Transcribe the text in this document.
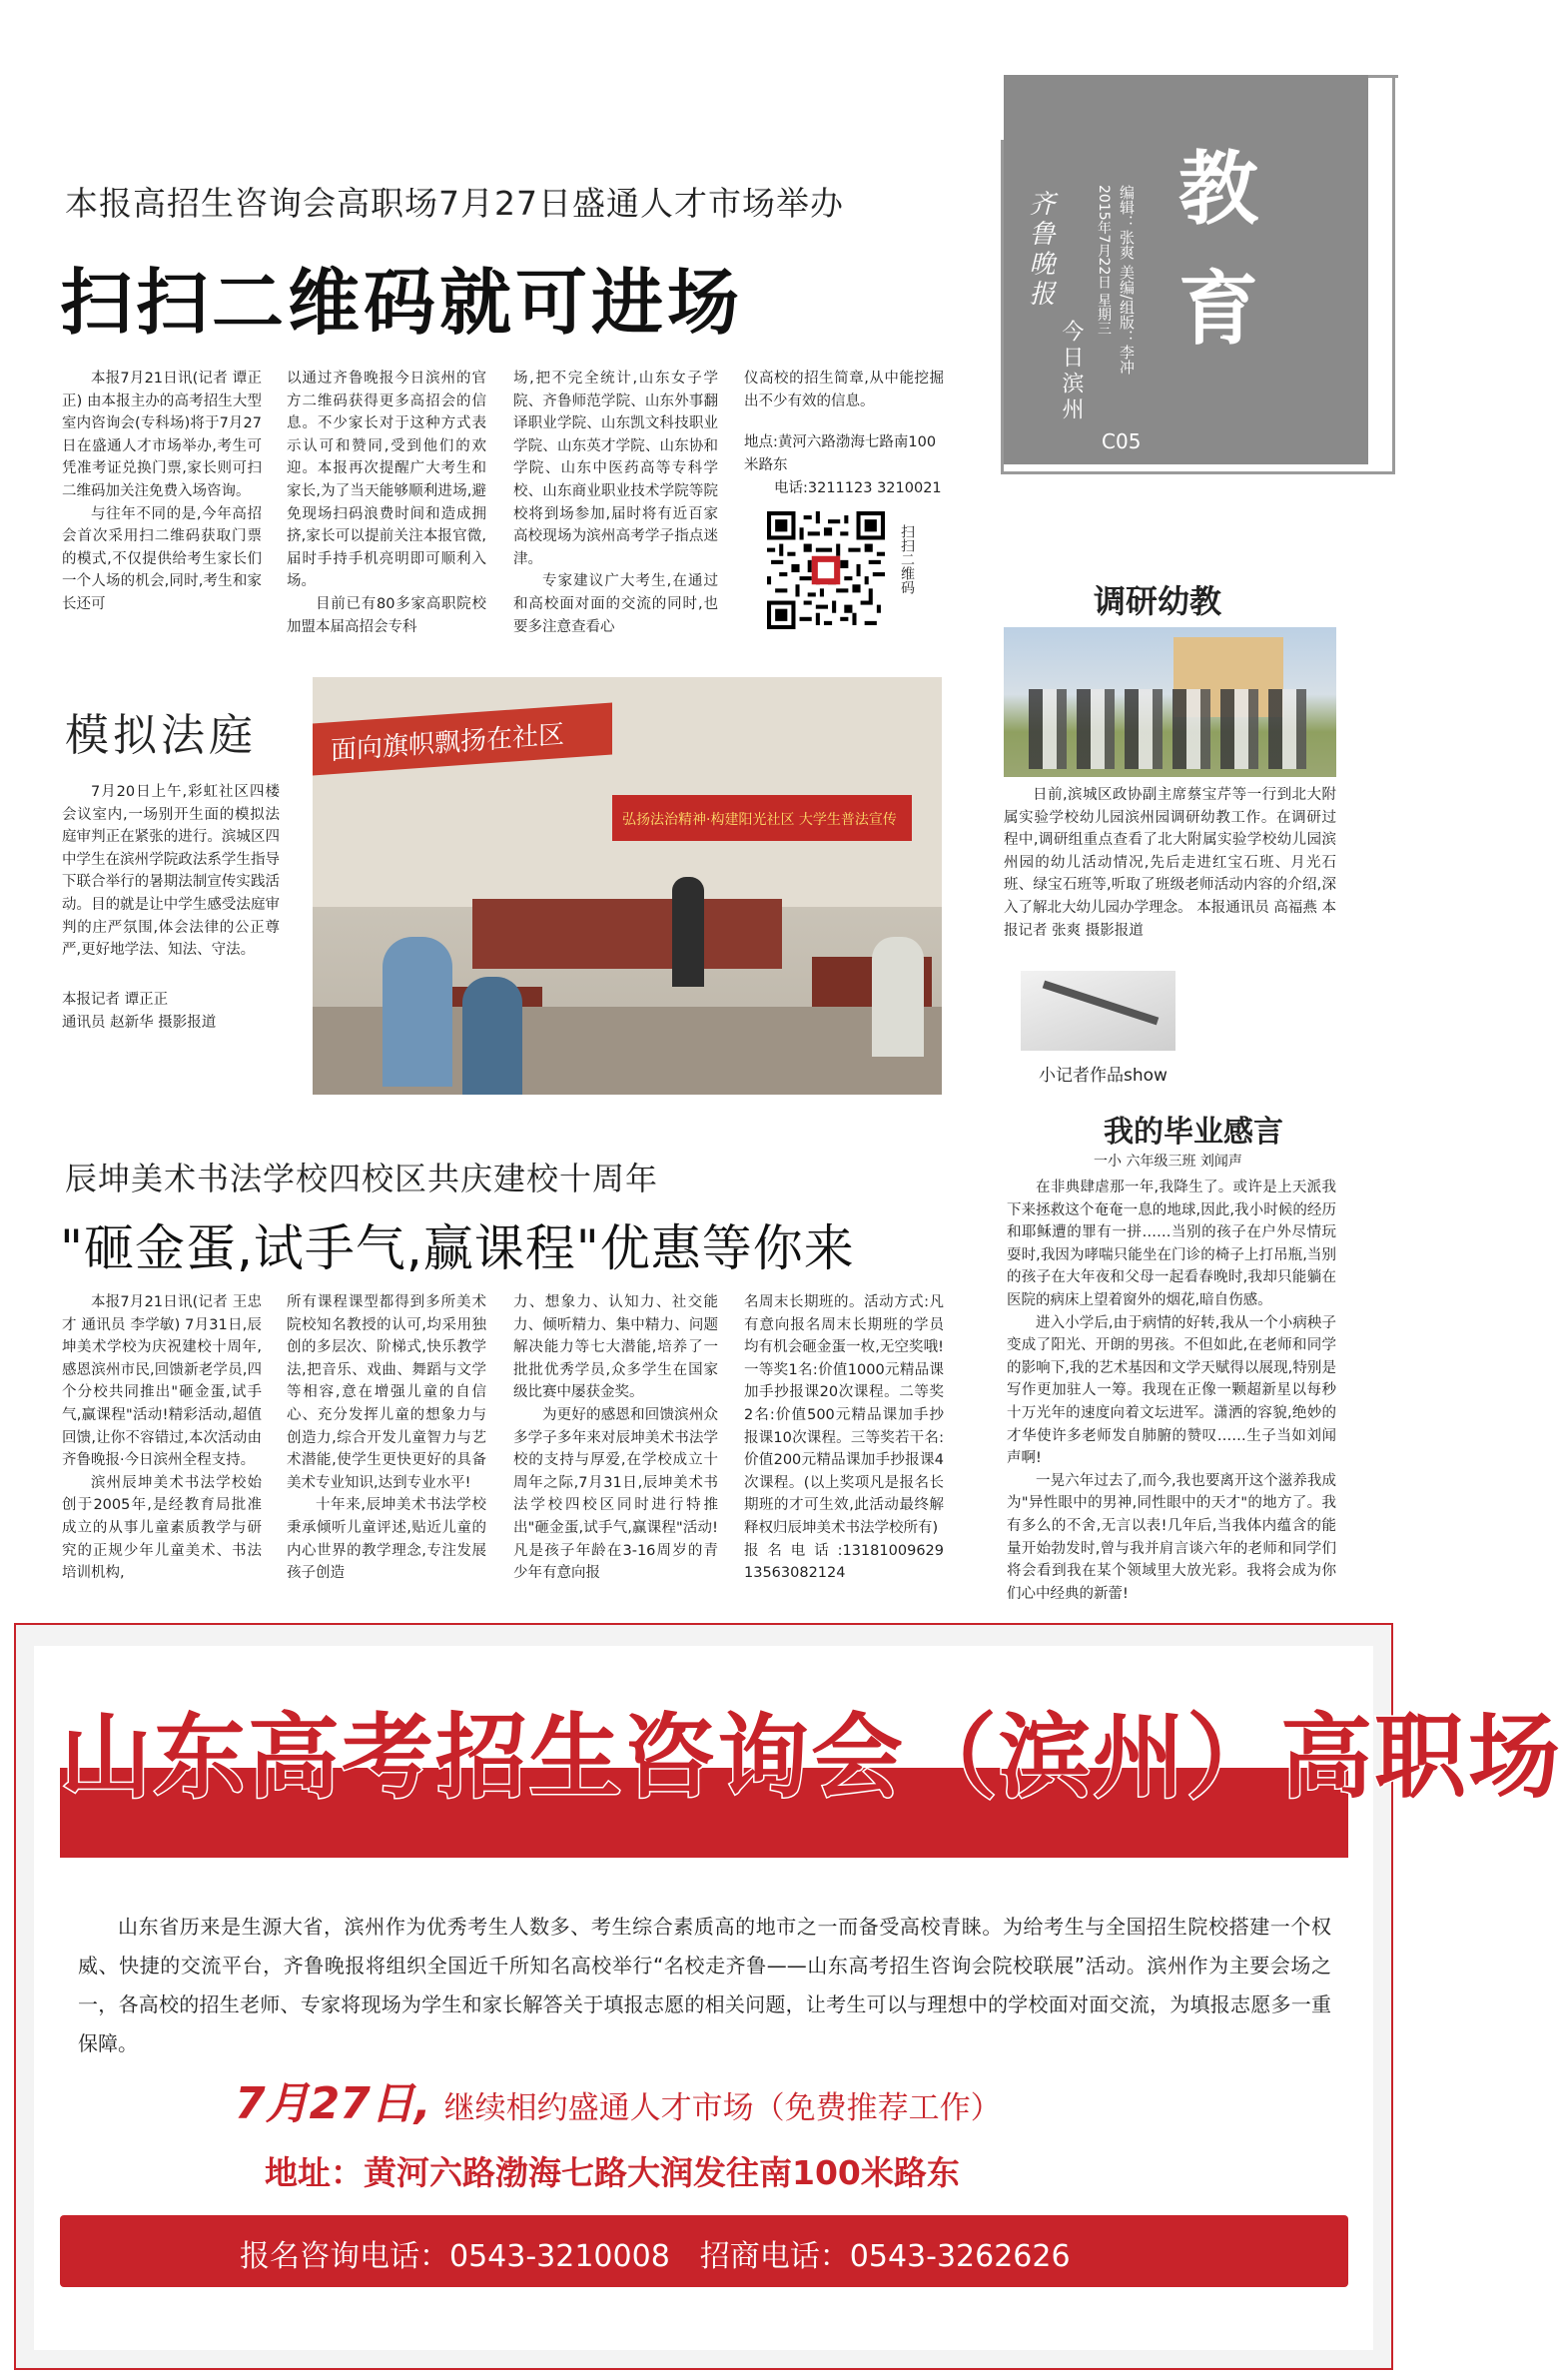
教
育
齐鲁晚报
今日滨州 编辑：张爽 美编/组版：李冲
2015年7月22日 星期三
C05
本报高招生咨询会高职场7月27日盛通人才市场举办
扫扫二维码就可进场

本报7月21日讯(记者 谭正正) 由本报主办的高考招生大型室内咨询会(专科场)将于7月27日在盛通人才市场举办,考生可凭准考证兑换门票,家长则可扫二维码加关注免费入场咨询。

与往年不同的是,今年高招会首次采用扫二维码获取门票的模式,不仅提供给考生家长们一个人场的机会,同时,考生和家长还可

以通过齐鲁晚报今日滨州的官方二维码获得更多高招会的信息。不少家长对于这种方式表示认可和赞同,受到他们的欢迎。本报再次提醒广大考生和家长,为了当天能够顺利进场,避免现场扫码浪费时间和造成拥挤,家长可以提前关注本报官微,届时手持手机亮明即可顺利入场。

目前已有80多家高职院校加盟本届高招会专科

场,把不完全统计,山东女子学院、齐鲁师范学院、山东外事翻译职业学院、山东凯文科技职业学院、山东英才学院、山东协和学院、山东中医药高等专科学校、山东商业职业技术学院等院校将到场参加,届时将有近百家高校现场为滨州高考学子指点迷津。

专家建议广大考生,在通过和高校面对面的交流的同时,也要多注意查看心

仪高校的招生简章,从中能挖掘出不少有效的信息。

地点:黄河六路渤海七路南100米路东
电话:3211123 3210021
扫扫二维码
模拟法庭

7月20日上午,彩虹社区四楼会议室内,一场别开生面的模拟法庭审判正在紧张的进行。滨城区四中学生在滨州学院政法系学生指导下联合举行的暑期法制宣传实践活动。目的就是让中学生感受法庭审判的庄严氛围,体会法律的公正尊严,更好地学法、知法、守法。

本报记者 谭正正
通讯员 赵新华 摄影报道
面向旗帜飘扬在社区
弘扬法治精神·构建阳光社区 大学生普法宣传
调研幼教

日前,滨城区政协副主席蔡宝芹等一行到北大附属实验学校幼儿园滨州园调研幼教工作。在调研过程中,调研组重点查看了北大附属实验学校幼儿园滨州园的幼儿活动情况,先后走进红宝石班、月光石班、绿宝石班等,听取了班级老师活动内容的介绍,深入了解北大幼儿园办学理念。 本报通讯员 高福燕 本报记者 张爽 摄影报道

小记者作品show
我的毕业感言
一小 六年级三班 刘闻声

在非典肆虐那一年,我降生了。或许是上天派我下来拯救这个奄奄一息的地球,因此,我小时候的经历和耶稣遭的罪有一拼……当别的孩子在户外尽情玩耍时,我因为哮喘只能坐在门诊的椅子上打吊瓶,当别的孩子在大年夜和父母一起看春晚时,我却只能躺在医院的病床上望着窗外的烟花,暗自伤感。

进入小学后,由于病情的好转,我从一个小病秧子变成了阳光、开朗的男孩。不但如此,在老师和同学的影响下,我的艺术基因和文学天赋得以展现,特别是写作更加驻人一筹。我现在正像一颗超新星以每秒十万光年的速度向着文坛进军。潇洒的容貌,绝妙的才华使许多老师发自肺腑的赞叹……生子当如刘闻声啊!

一晃六年过去了,而今,我也要离开这个滋养我成为"异性眼中的男神,同性眼中的天才"的地方了。我有多么的不舍,无言以表!几年后,当我体内蕴含的能量开始勃发时,曾与我并肩言谈六年的老师和同学们将会看到我在某个领域里大放光彩。我将会成为你们心中经典的新蕾!

辰坤美术书法学校四校区共庆建校十周年
"砸金蛋,试手气,赢课程"优惠等你来

本报7月21日讯(记者 王忠才 通讯员 李学敏) 7月31日,辰坤美术学校为庆祝建校十周年,感恩滨州市民,回馈新老学员,四个分校共同推出"砸金蛋,试手气,赢课程"活动!精彩活动,超值回馈,让你不容错过,本次活动由齐鲁晚报·今日滨州全程支持。

滨州辰坤美术书法学校始创于2005年,是经教育局批准成立的从事儿童素质教学与研究的正规少年儿童美术、书法培训机构,

所有课程课型都得到多所美术院校知名教授的认可,均采用独创的多层次、阶梯式,快乐教学法,把音乐、戏曲、舞蹈与文学等相容,意在增强儿童的自信心、充分发挥儿童的想象力与创造力,综合开发儿童智力与艺术潜能,使学生更快更好的具备美术专业知识,达到专业水平!

十年来,辰坤美术书法学校秉承倾听儿童评述,贴近儿童的内心世界的教学理念,专注发展孩子创造

力、想象力、认知力、社交能力、倾听精力、集中精力、问题解决能力等七大潜能,培养了一批批优秀学员,众多学生在国家级比赛中屡获金奖。

为更好的感恩和回馈滨州众多学子多年来对辰坤美术书法学校的支持与厚爱,在学校成立十周年之际,7月31日,辰坤美术书法学校四校区同时进行特推出"砸金蛋,试手气,赢课程"活动!凡是孩子年龄在3-16周岁的青少年有意向报

名周末长期班的。活动方式:凡有意向报名周末长期班的学员均有机会砸金蛋一枚,无空奖哦!一等奖1名:价值1000元精品课加手抄报课20次课程。二等奖2名:价值500元精品课加手抄报课10次课程。三等奖若干名:价值200元精品课加手抄报课4次课程。(以上奖项凡是报名长期班的才可生效,此活动最终解释权归辰坤美术书法学校所有)

报名电话:13181009629 13563082124

山东高考招生咨询会（滨州）高职场
山东省历来是生源大省，滨州作为优秀考生人数多、考生综合素质高的地市之一而备受高校青睐。为给考生与全国招生院校搭建一个权威、快捷的交流平台，齐鲁晚报将组织全国近千所知名高校举行“名校走齐鲁——山东高考招生咨询会院校联展”活动。滨州作为主要会场之一，各高校的招生老师、专家将现场为学生和家长解答关于填报志愿的相关问题，让考生可以与理想中的学校面对面交流，为填报志愿多一重保障。
7月27日, 继续相约盛通人才市场（免费推荐工作）
地址：黄河六路渤海七路大润发往南100米路东
报名咨询电话：0543-3210008　招商电话：0543-3262626
